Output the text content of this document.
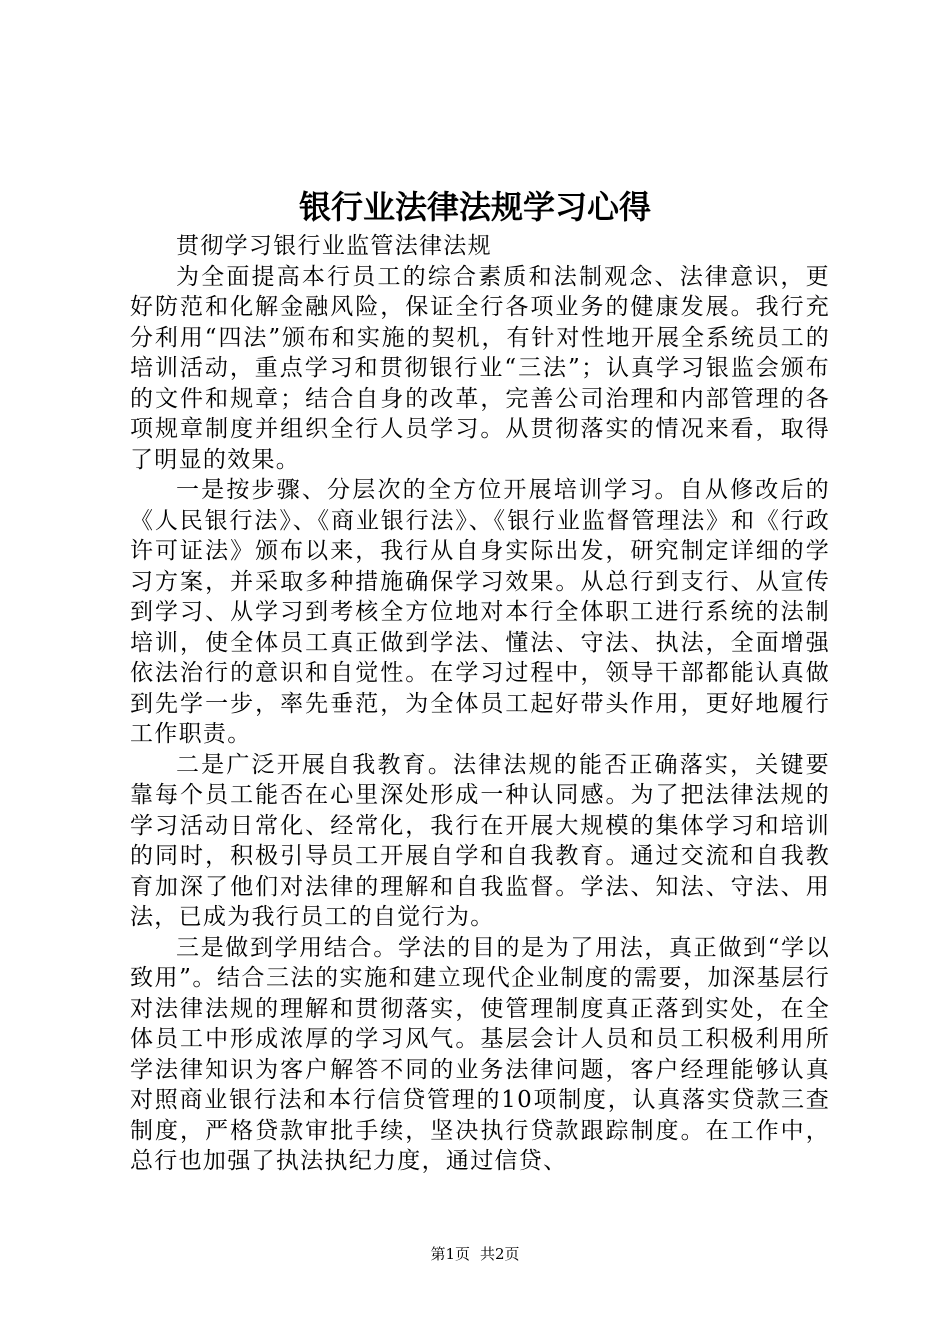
银行业法律法规学习心得

贯彻学习银行业监管法律法规

为全面提高本行员工的综合素质和法制观念、法律意识，更好防范和化解金融风险，保证全行各项业务的健康发展。我行充分利用“四法”颁布和实施的契机，有针对性地开展全系统员工的培训活动，重点学习和贯彻银行业“三法”；认真学习银监会颁布的文件和规章；结合自身的改革，完善公司治理和内部管理的各项规章制度并组织全行人员学习。从贯彻落实的情况来看，取得了明显的效果。

一是按步骤、分层次的全方位开展培训学习。自从修改后的《人民银行法》、《商业银行法》、《银行业监督管理法》和《行政许可证法》颁布以来，我行从自身实际出发，研究制定详细的学习方案，并采取多种措施确保学习效果。从总行到支行、从宣传到学习、从学习到考核全方位地对本行全体职工进行系统的法制培训，使全体员工真正做到学法、懂法、守法、执法，全面增强依法治行的意识和自觉性。在学习过程中，领导干部都能认真做到先学一步，率先垂范，为全体员工起好带头作用，更好地履行工作职责。

二是广泛开展自我教育。法律法规的能否正确落实，关键要靠每个员工能否在心里深处形成一种认同感。为了把法律法规的学习活动日常化、经常化，我行在开展大规模的集体学习和培训的同时，积极引导员工开展自学和自我教育。通过交流和自我教育加深了他们对法律的理解和自我监督。学法、知法、守法、用法，已成为我行员工的自觉行为。

三是做到学用结合。学法的目的是为了用法，真正做到“学以致用”。结合三法的实施和建立现代企业制度的需要，加深基层行对法律法规的理解和贯彻落实，使管理制度真正落到实处，在全体员工中形成浓厚的学习风气。基层会计人员和员工积极利用所学法律知识为客户解答不同的业务法律问题，客户经理能够认真对照商业银行法和本行信贷管理的10项制度，认真落实贷款三查制度，严格贷款审批手续，坚决执行贷款跟踪制度。在工作中，总行也加强了执法执纪力度，通过信贷、

第1页 共2页
